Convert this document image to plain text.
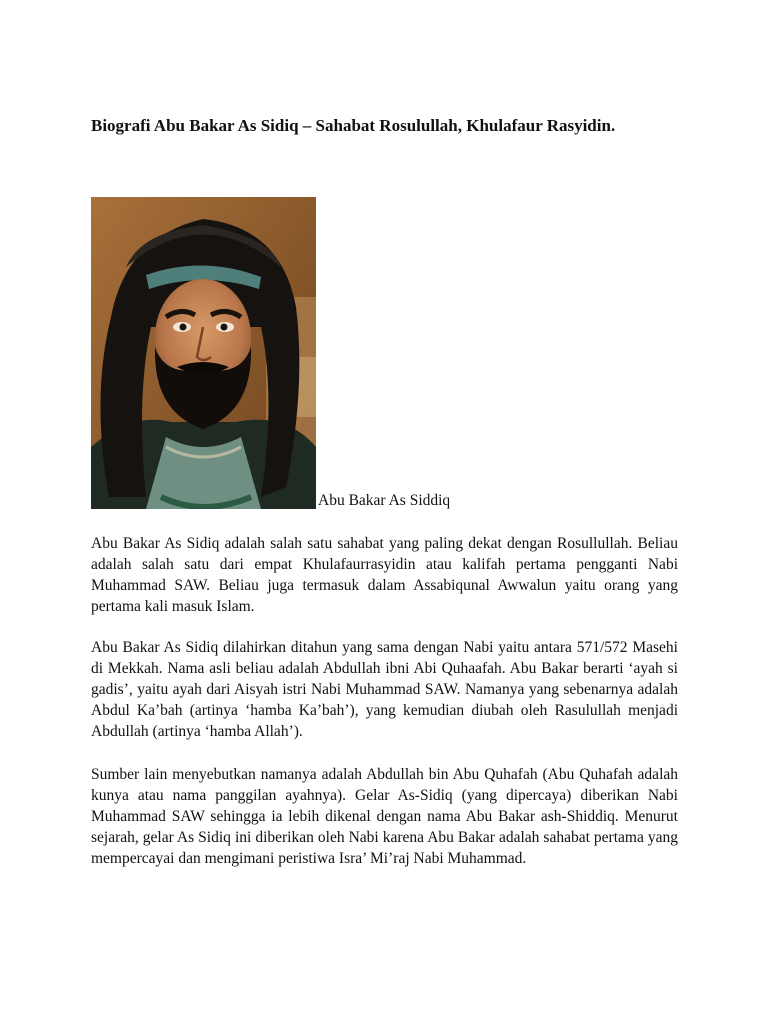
Biografi Abu Bakar As Sidiq – Sahabat Rosulullah, Khulafaur Rasyidin.
Abu Bakar As Siddiq

Abu Bakar As Sidiq adalah salah satu sahabat yang paling dekat dengan Rosullullah. Beliau adalah salah satu dari empat Khulafaurrasyidin atau kalifah pertama pengganti Nabi Muhammad SAW. Beliau juga termasuk dalam Assabiqunal Awwalun yaitu orang yang pertama kali masuk Islam.

Abu Bakar As Sidiq dilahirkan ditahun yang sama dengan Nabi yaitu antara 571/572 Masehi di Mekkah. Nama asli beliau adalah Abdullah ibni Abi Quhaafah. Abu Bakar berarti ‘ayah si gadis’, yaitu ayah dari Aisyah istri Nabi Muhammad SAW. Namanya yang sebenarnya adalah Abdul Ka’bah (artinya ‘hamba Ka’bah’), yang kemudian diubah oleh Rasulullah menjadi Abdullah (artinya ‘hamba Allah’).

Sumber lain menyebutkan namanya adalah Abdullah bin Abu Quhafah (Abu Quhafah adalah kunya atau nama panggilan ayahnya). Gelar As-Sidiq (yang dipercaya) diberikan Nabi Muhammad SAW sehingga ia lebih dikenal dengan nama Abu Bakar ash-Shiddiq. Menurut sejarah, gelar As Sidiq ini diberikan oleh Nabi karena Abu Bakar adalah sahabat pertama yang mempercayai dan mengimani peristiwa Isra’ Mi’raj Nabi Muhammad.
